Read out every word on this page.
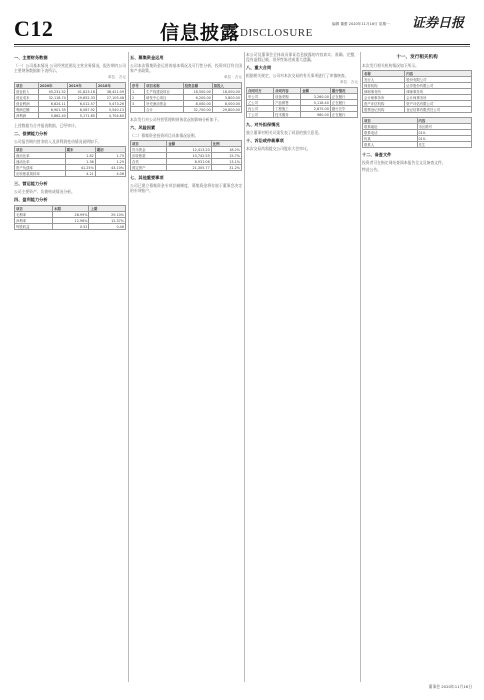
C12	信息披露 DISCLOSURE
证券日报
编辑 董蕾 2020年11月16日 星期一
一、主要财务数据

（一）公司基本情况 公司经营范围及主营业务情况，报告期内公司主要财务数据如下表所示。

单位：万元
项目	2020年	2019年	2018年
营业收入	45,231.52	41,823.16	38,421.09
营业成本	32,118.74	29,652.33	27,105.48
营业利润	6,824.11	6,012.57	5,473.26
利润总额	6,901.35	6,087.92	5,540.13
净利润	5,862.40	5,171.85	4,704.60

上述数据为合并报表数据，已经审计。

二、偿债能力分析

公司报告期内营业收入及净利润变动情况说明如下。

项目	期末	期初
流动比率	1.82	1.75
速动比率	1.36	1.29
资产负债率	41.25%	43.10%
应收账款周转率	4.21	4.08
三、营运能力分析

公司主要资产、负债构成情况分析。

四、盈利能力分析
项目	本期	上期
毛利率	28.99%	29.10%
净利率	12.96%	12.37%
每股收益	0.52	0.46
五、募集资金运用

公司本次募集资金运用的基本情况及可行性分析，投资项目符合国家产业政策。

单位：万元
序号	项目名称	投资总额	拟投入
1	生产线建设项目	18,500.00	16,000.00
2	研发中心项目	6,200.00	5,800.00
3	补充流动资金	8,000.00	8,000.00
	合计	32,700.00	29,800.00

本次发行对公司经营管理和财务状况的影响分析如下。

六、风险因素

（二）募集资金投资项目具体情况说明。

项目	金额	比例
货币资金	12,413.20	18.2%
应收账款	10,742.55	15.7%
存货	8,931.06	13.1%
固定资产	21,305.77	31.2%
七、其他重要事项

公司已建立募集资金专项存储制度，募集资金将存放于董事会决定的专项账户。

本公司及董事会全体成员保证信息披露的内容真实、准确、完整，没有虚假记载、误导性陈述或重大遗漏。

八、重大合同

根据相关规定，公司对本次交易的有关事项进行了审慎核查。

单位：万元
合同对方	合同内容	金额	履行情况
甲公司	设备采购	3,260.00	正在履行
乙公司	产品销售	5,118.40	正在履行
丙公司	工程施工	2,875.00	履行完毕
丁公司	技术服务	980.00	正在履行
九、对外担保情况

独立董事对相关议案发表了同意的独立意见。

十、诉讼或仲裁事项

本次交易尚需提交公司股东大会审议。

十一、发行相关机构

本次发行相关机构情况如下所示。

名称	内容
发行人	股份有限公司
保荐机构	证券股份有限公司
律师事务所	律师事务所
会计师事务所	会计师事务所
资产评估机构	资产评估有限公司
股票登记机构	登记结算有限责任公司
项目	内容
联系地址	市区路号
联系电话	010-
传真	010-
联系人	先生
十二、备查文件

投资者可在指定网站查阅本报告全文及备查文件。

特此公告。

董事会 2020年11月16日
